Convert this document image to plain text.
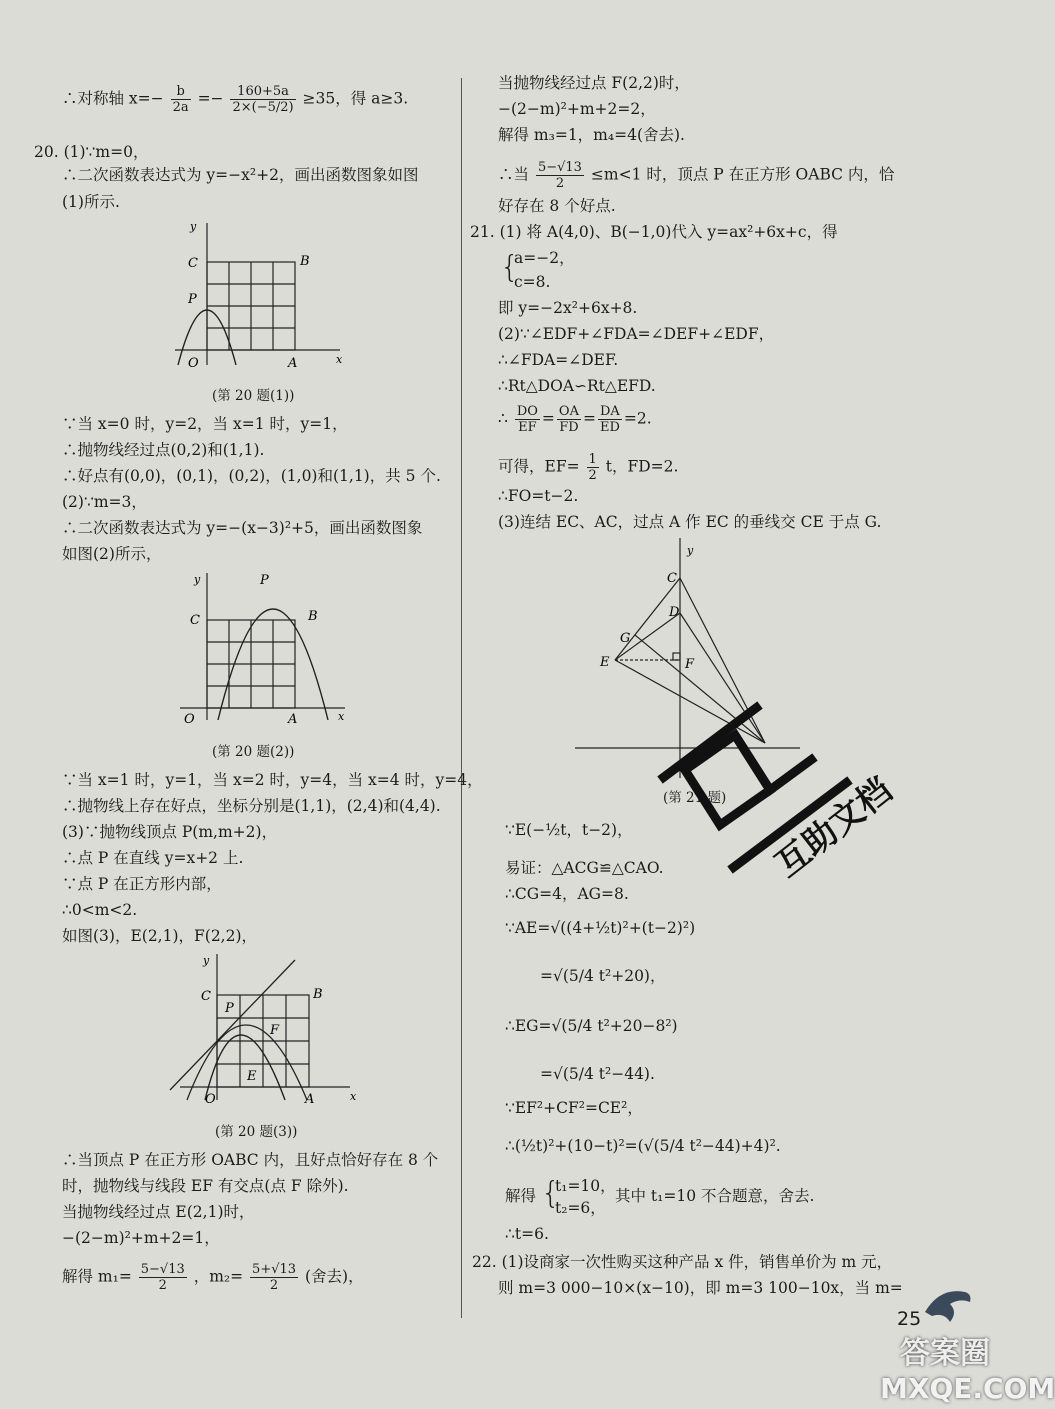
∴对称轴 $x=- \frac{b}{2a} =- \frac{160+5a}{2\times(-5/2)} \ge 35$，得 a≥3.
20. (1)∵m=0，
∴二次函数表达式为 y=−x²+2，画出函数图象如图
(1)所示.
C	B
P
O	A	x
y
(第 20 题(1))
∵当 x=0 时，y=2，当 x=1 时，y=1，
∴抛物线经过点(0,2)和(1,1).
∴好点有(0,0)，(0,1)，(0,2)，(1,0)和(1,1)，共 5 个.
(2)∵m=3，
∴二次函数表达式为 y=−(x−3)²+5，画出函数图象
如图(2)所示，
C	B
P
O	A	x
y
(第 20 题(2))
∵当 x=1 时，y=1，当 x=2 时，y=4，当 x=4 时，y=4，
∴抛物线上存在好点，坐标分别是(1,1)，(2,4)和(4,4).
(3)∵抛物线顶点 P(m,m+2)，
∴点 P 在直线 y=x+2 上.
∵点 P 在正方形内部，
∴0<m<2.
如图(3)，E(2,1)，F(2,2)，
C	B
P
F
E
O	A	x
y
(第 20 题(3))
∴当顶点 P 在正方形 OABC 内，且好点恰好存在 8 个
时，抛物线与线段 EF 有交点(点 F 除外).
当抛物线经过点 E(2,1)时，
−(2−m)²+m+2=1，
解得 $m_1= \frac{5-√13}{2}$ ，$m_2= \frac{5+√13}{2}$ (舍去)，
当抛物线经过点 F(2,2)时，
−(2−m)²+m+2=2，
解得 m₃=1，m₄=4(舍去).
∴当 $\frac{5-√13}{2} \le m<1$ 时，顶点 P 在正方形 OABC 内，恰
好存在 8 个好点.
21. (1) 将 A(4,0)、B(−1,0)代入 y=ax²+6x+c，得
{
a=−2，
c=8.
即 y=−2x²+6x+8.
(2)∵∠EDF+∠FDA=∠DEF+∠EDF，
∴∠FDA=∠DEF.
∴Rt△DOA∽Rt△EFD.
∴ $\frac{DO}{EF} = \frac{OA}{FD} = \frac{DA}{ED} =2$.
可得，$EF= \frac{1}{2}$ t，FD=2.
∴FO=t−2.
(3)连结 EC、AC，过点 A 作 EC 的垂线交 CE 于点 G.
C
D
G
E	F
y
(第 21 题) 互助文档
∵E(−½t，t−2)，
易证：△ACG≌△CAO.
∴CG=4，AG=8.
∵AE=√((4+½t)²+(t−2)²)
=√(5/4 t²+20)，
∴EG=√(5/4 t²+20−8²)
=√(5/4 t²−44).
∵EF²+CF²=CE²，
∴(½t)²+(10−t)²=(√(5/4 t²−44)+4)².
解得 {
t₁=10，
t₂=6，
其中 t₁=10 不合题意，舍去.
∴t=6.
22. (1)设商家一次性购买这种产品 x 件，销售单价为 m 元，
则 m=3 000−10×(x−10)，即 m=3 100−10x，当 m=
25
答案圈
MXQE.COM
